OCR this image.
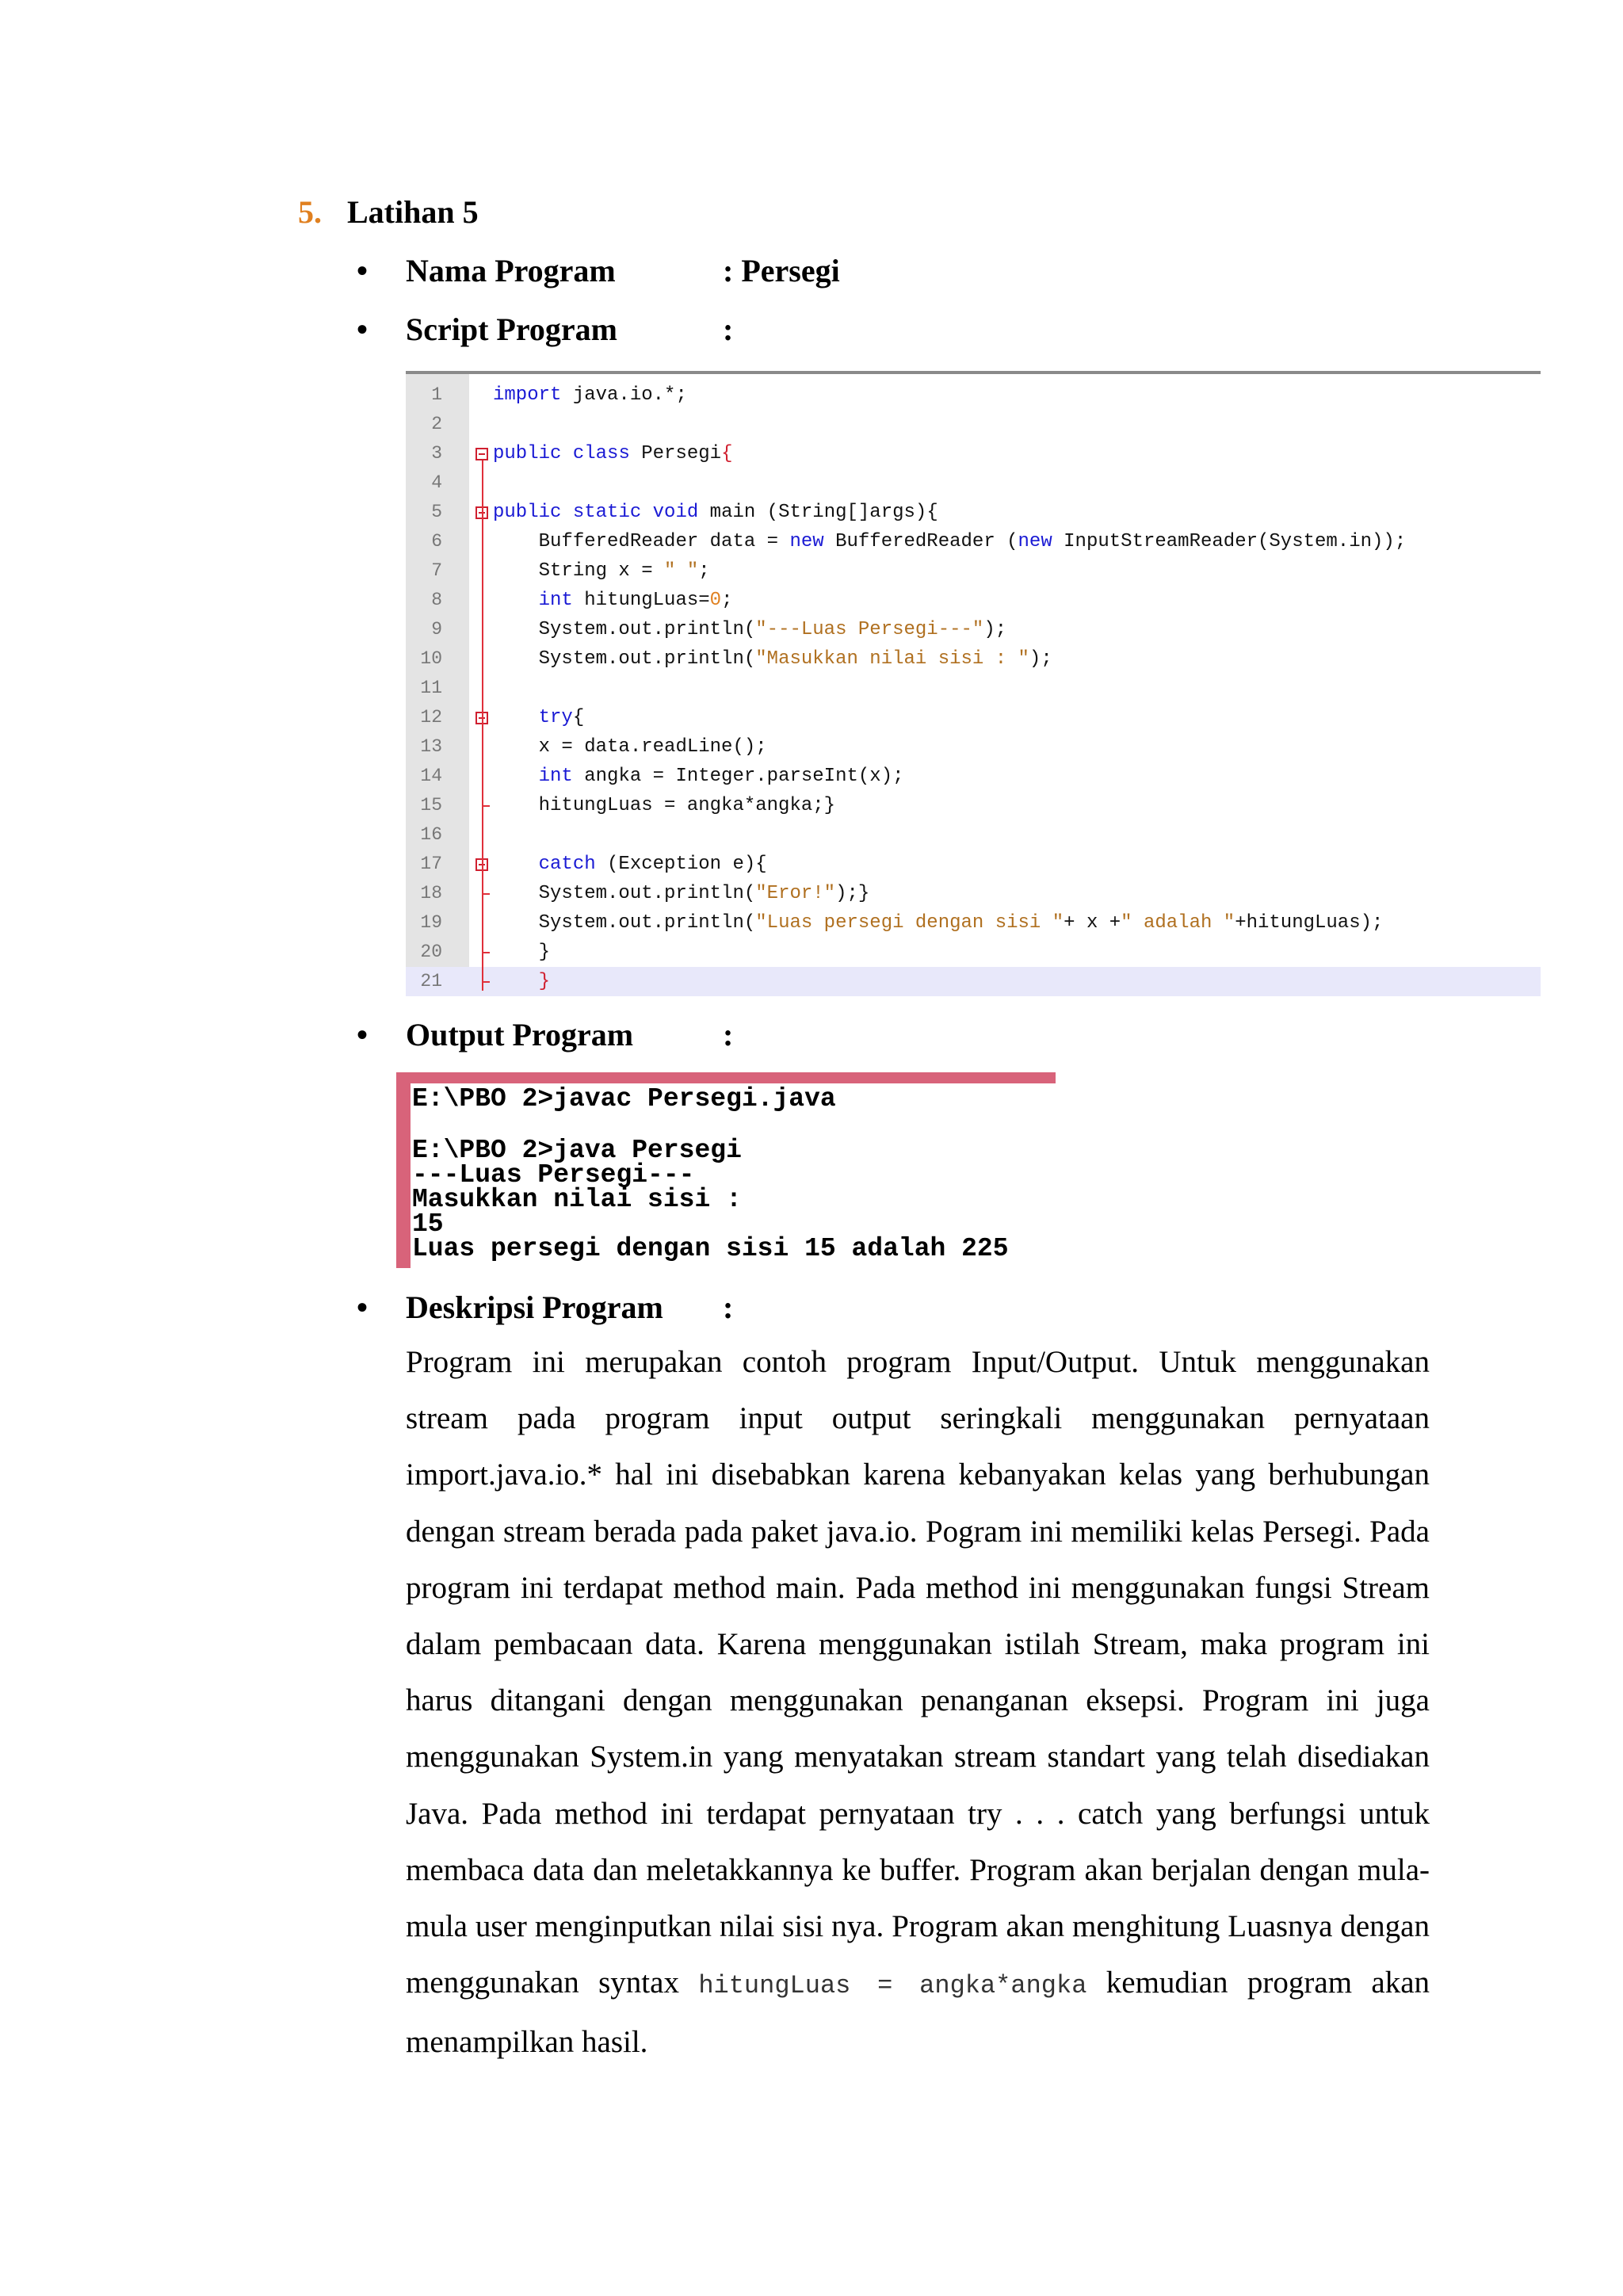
5. Latihan 5
• Nama Program	: Persegi
• Script Program	:
1	import java.io.*;
2
3	public class Persegi{
4
5	public static void main (String[]args){
6	BufferedReader data = new BufferedReader (new InputStreamReader(System.in));
7	String x = " ";
8	int hitungLuas=0;
9	System.out.println("---Luas Persegi---");
10	System.out.println("Masukkan nilai sisi : ");
11
12	try{
13	x = data.readLine();
14	int angka = Integer.parseInt(x);
15	hitungLuas = angka*angka;}
16
17	catch (Exception e){
18	System.out.println("Eror!");}
19	System.out.println("Luas persegi dengan sisi "+ x +" adalah "+hitungLuas);
20	}
21	}
• Output Program	:
E:\PBO 2>javac Persegi.java
E:\PBO 2>java Persegi
---Luas Persegi---
Masukkan nilai sisi :
15
Luas persegi dengan sisi 15 adalah 225
• Deskripsi Program :
Program ini merupakan contoh program Input/Output. Untuk menggunakan stream pada program input output seringkali menggunakan pernyataan import.java.io.* hal ini disebabkan karena kebanyakan kelas yang berhubungan dengan stream berada pada paket java.io. Pogram ini memiliki kelas Persegi. Pada program ini terdapat method main. Pada method ini menggunakan fungsi Stream dalam pembacaan data. Karena menggunakan istilah Stream, maka program ini harus ditangani dengan menggunakan penanganan eksepsi. Program ini juga menggunakan System.in yang menyatakan stream standart yang telah disediakan Java. Pada method ini terdapat pernyataan try . . . catch yang berfungsi untuk membaca data dan meletakkannya ke buffer. Program akan berjalan dengan mula-mula user menginputkan nilai sisi nya. Program akan menghitung Luasnya dengan menggunakan syntax hitungLuas = angka*angka kemudian program akan menampilkan hasil.
